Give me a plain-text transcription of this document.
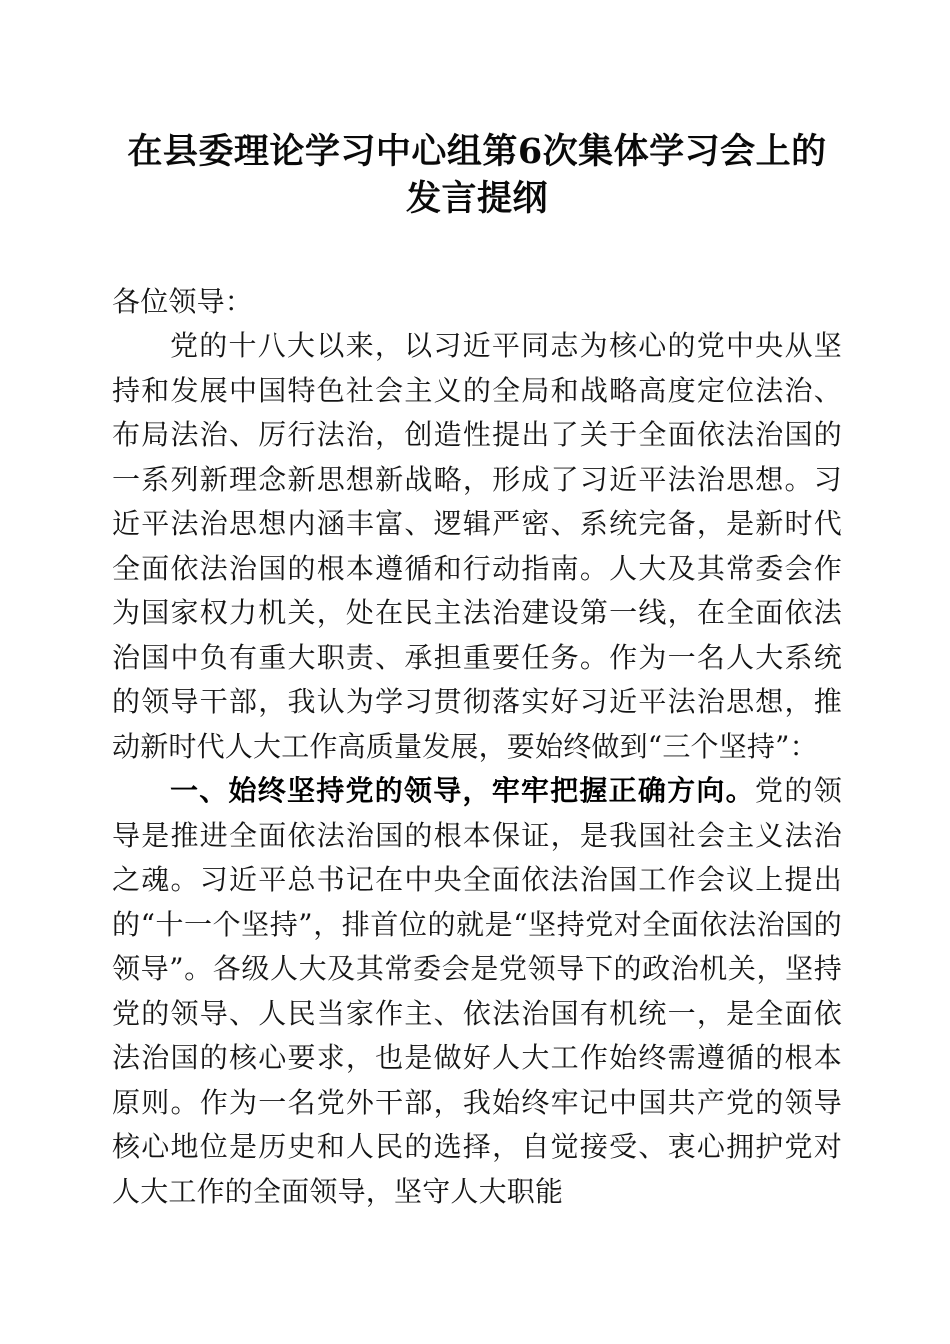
在县委理论学习中心组第6次集体学习会上的发言提纲

各位领导：

党的十八大以来，以习近平同志为核心的党中央从坚持和发展中国特色社会主义的全局和战略高度定位法治、布局法治、厉行法治，创造性提出了关于全面依法治国的一系列新理念新思想新战略，形成了习近平法治思想。习近平法治思想内涵丰富、逻辑严密、系统完备，是新时代全面依法治国的根本遵循和行动指南。人大及其常委会作为国家权力机关，处在民主法治建设第一线，在全面依法治国中负有重大职责、承担重要任务。作为一名人大系统的领导干部，我认为学习贯彻落实好习近平法治思想，推动新时代人大工作高质量发展，要始终做到“三个坚持”：

一、始终坚持党的领导，牢牢把握正确方向。党的领导是推进全面依法治国的根本保证，是我国社会主义法治之魂。习近平总书记在中央全面依法治国工作会议上提出的“十一个坚持”，排首位的就是“坚持党对全面依法治国的领导”。各级人大及其常委会是党领导下的政治机关，坚持党的领导、人民当家作主、依法治国有机统一，是全面依法治国的核心要求，也是做好人大工作始终需遵循的根本原则。作为一名党外干部，我始终牢记中国共产党的领导核心地位是历史和人民的选择，自觉接受、衷心拥护党对人大工作的全面领导，坚守人大职能
